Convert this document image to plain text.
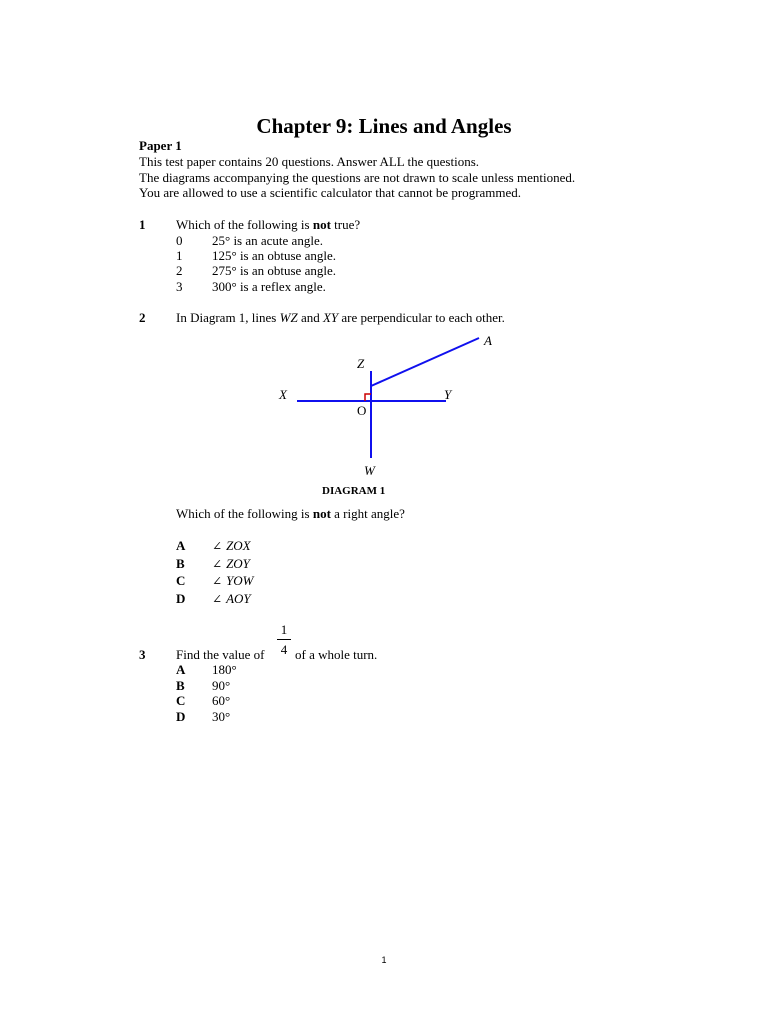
Chapter 9: Lines and Angles
Paper 1
This test paper contains 20 questions. Answer ALL the questions.
The diagrams accompanying the questions are not drawn to scale unless mentioned.
You are allowed to use a scientific calculator that cannot be programmed.
1 Which of the following is not true?
0 25° is an acute angle.
1 125° is an obtuse angle.
2 275° is an obtuse angle.
3 300° is a reflex angle.
2 In Diagram 1, lines WZ and XY are perpendicular to each other.
A
Z
X	Y
O
W
DIAGRAM 1
Which of the following is not a right angle?
A ∠ ZOX
B ∠ ZOY
C ∠ YOW
D ∠ AOY
1
4
3 Find the value of of a whole turn.
A 180°
B 90°
C 60°
D 30°
1
